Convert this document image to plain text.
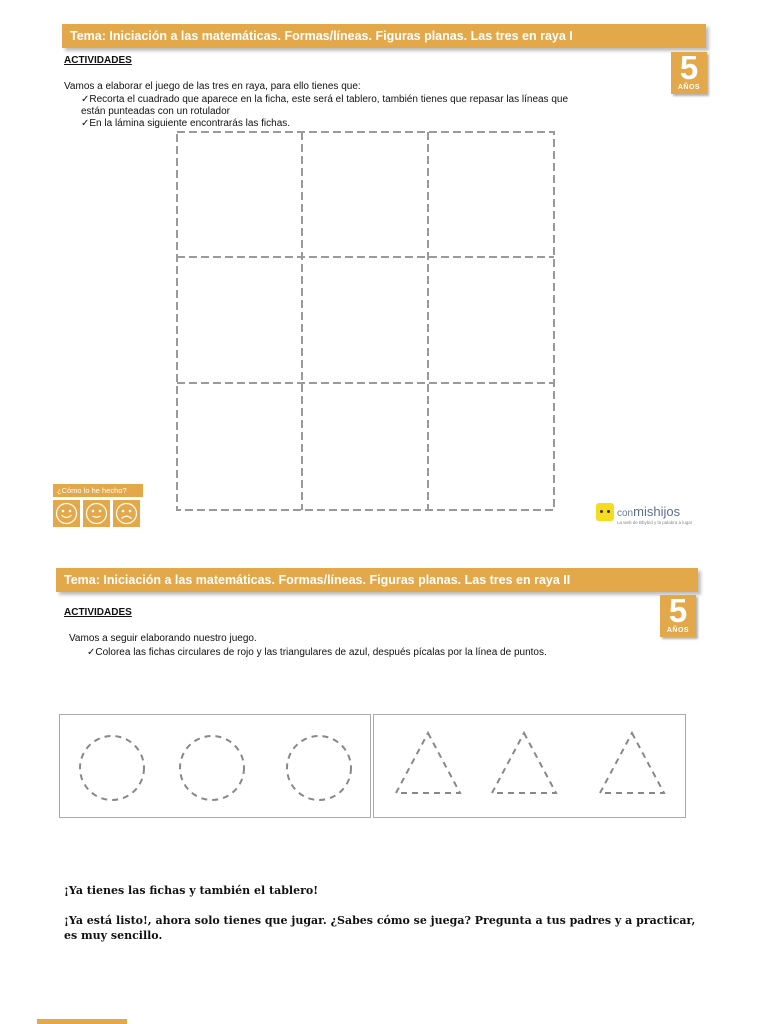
Tema: Iniciación a las matemáticas. Formas/líneas. Figuras planas. Las tres en raya I
5
AÑOS
ACTIVIDADES
Vamos a elaborar el juego de las tres en raya, para ello tienes que:
✓ Recorta el cuadrado que aparece en la ficha, este será el tablero, también tienes que repasar las líneas que
están punteadas con un rotulador
✓ En la lámina siguiente encontrarás las fichas.
¿Cómo lo he hecho?
conmishijos
La web de Bbybid y la palabra a lugar
Tema: Iniciación a las matemáticas. Formas/líneas. Figuras planas. Las tres en raya II
5
AÑOS
ACTIVIDADES
Vamos a seguir elaborando nuestro juego.
✓ Colorea las fichas circulares de rojo y las triangulares de azul, después pícalas por la línea de puntos.
¡Ya tienes las fichas y también el tablero!
¡Ya está listo!, ahora solo tienes que jugar. ¿Sabes cómo se juega? Pregunta a tus padres y a practicar,
es muy sencillo.
